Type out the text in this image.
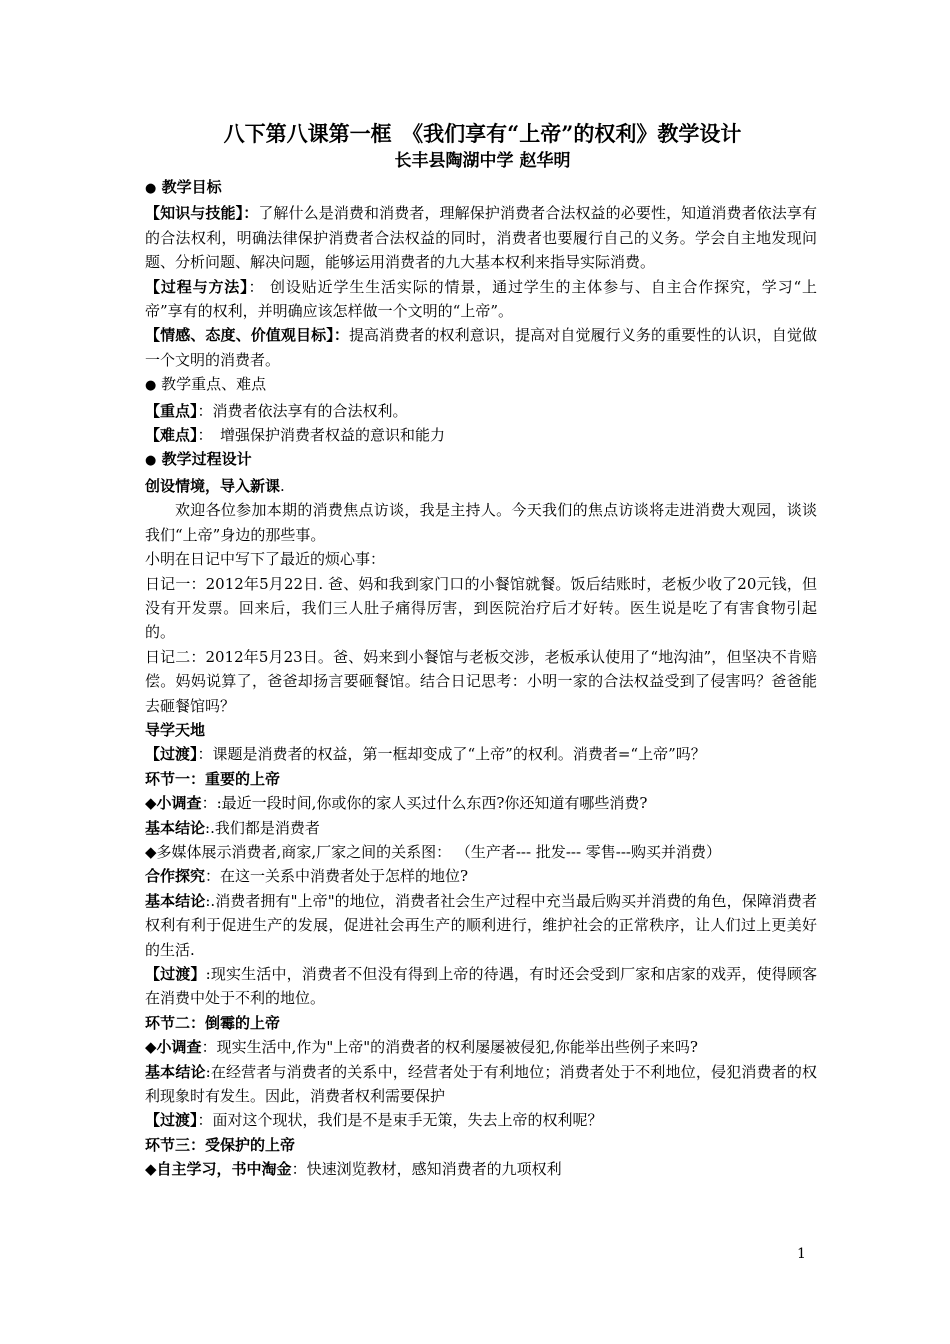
八下第八课第一框　《我们享有“上帝”的权利》教学设计
长丰县陶湖中学 赵华明

● 教学目标

【知识与技能】：了解什么是消费和消费者，理解保护消费者合法权益的必要性，知道消费者依法享有的合法权利，明确法律保护消费者合法权益的同时，消费者也要履行自己的义务。学会自主地发现问题、分析问题、解决问题，能够运用消费者的九大基本权利来指导实际消费。

【过程与方法】： 创设贴近学生生活实际的情景，通过学生的主体参与、自主合作探究，学习“上帝”享有的权利，并明确应该怎样做一个文明的“上帝”。

【情感、态度、价值观目标】：提高消费者的权利意识，提高对自觉履行义务的重要性的认识，自觉做一个文明的消费者。

● 教学重点、难点

【重点】：消费者依法享有的合法权利。

【难点】：　增强保护消费者权益的意识和能力

● 教学过程设计

创设情境，导入新课.

欢迎各位参加本期的消费焦点访谈，我是主持人。今天我们的焦点访谈将走进消费大观园，谈谈我们“上帝”身边的那些事。

小明在日记中写下了最近的烦心事：

日记一：2012年5月22日. 爸、妈和我到家门口的小餐馆就餐。饭后结账时，老板少收了20元钱，但没有开发票。回来后，我们三人肚子痛得厉害，到医院治疗后才好转。医生说是吃了有害食物引起的。

日记二：2012年5月23日。爸、妈来到小餐馆与老板交涉，老板承认使用了“地沟油”，但坚决不肯赔偿。妈妈说算了，爸爸却扬言要砸餐馆。结合日记思考：小明一家的合法权益受到了侵害吗？爸爸能去砸餐馆吗？

导学天地

【过渡】：课题是消费者的权益，第一框却变成了“上帝”的权利。消费者=“上帝”吗？

环节一：重要的上帝

◆小调查：:最近一段时间,你或你的家人买过什么东西?你还知道有哪些消费?

基本结论:.我们都是消费者

◆多媒体展示消费者,商家,厂家之间的关系图： （生产者--- 批发--- 零售---购买并消费）

合作探究：在这一关系中消费者处于怎样的地位?

基本结论:.消费者拥有"上帝"的地位，消费者社会生产过程中充当最后购买并消费的角色，保障消费者权利有利于促进生产的发展，促进社会再生产的顺利进行，维护社会的正常秩序，让人们过上更美好的生活.

【过渡】:现实生活中，消费者不但没有得到上帝的待遇，有时还会受到厂家和店家的戏弄，使得顾客在消费中处于不利的地位。

环节二：倒霉的上帝

◆小调查：现实生活中,作为"上帝"的消费者的权利屡屡被侵犯,你能举出些例子来吗?

基本结论:在经营者与消费者的关系中，经营者处于有利地位；消费者处于不利地位，侵犯消费者的权利现象时有发生。因此，消费者权利需要保护

【过渡】：面对这个现状，我们是不是束手无策，失去上帝的权利呢？

环节三：受保护的上帝

◆自主学习，书中淘金：快速浏览教材，感知消费者的九项权利

1
